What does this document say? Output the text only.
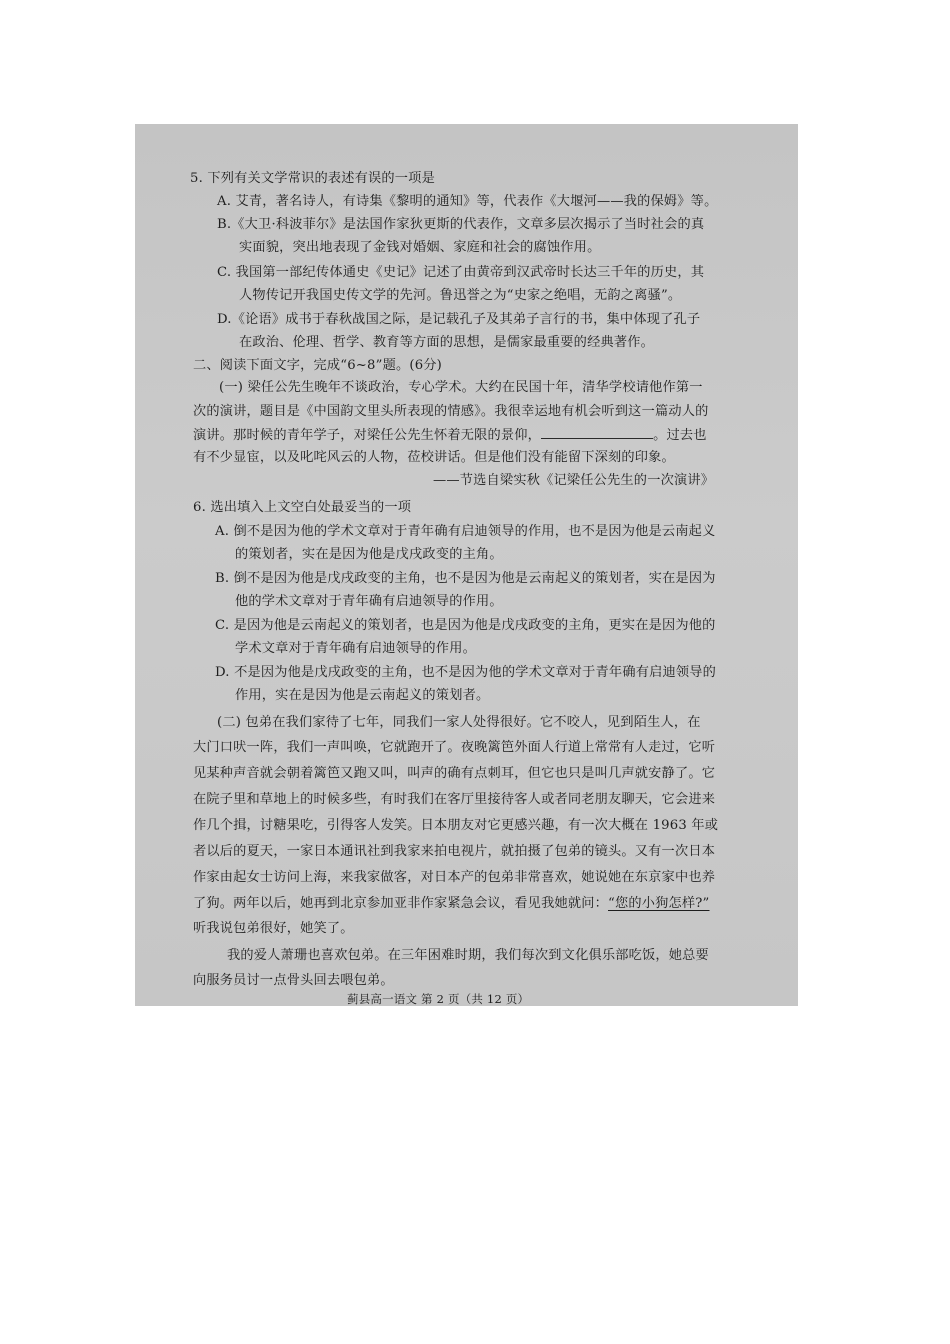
5. 下列有关文学常识的表述有误的一项是
A. 艾青，著名诗人，有诗集《黎明的通知》等，代表作《大堰河——我的保姆》等。
B.《大卫·科波菲尔》是法国作家狄更斯的代表作，文章多层次揭示了当时社会的真
实面貌，突出地表现了金钱对婚姻、家庭和社会的腐蚀作用。
C. 我国第一部纪传体通史《史记》记述了由黄帝到汉武帝时长达三千年的历史，其
人物传记开我国史传文学的先河。鲁迅誉之为“史家之绝唱，无韵之离骚”。
D.《论语》成书于春秋战国之际，是记载孔子及其弟子言行的书，集中体现了孔子
在政治、伦理、哲学、教育等方面的思想，是儒家最重要的经典著作。
二、阅读下面文字，完成“6~8”题。(6分)
(一) 梁任公先生晚年不谈政治，专心学术。大约在民国十年，清华学校请他作第一
次的演讲，题目是《中国韵文里头所表现的情感》。我很幸运地有机会听到这一篇动人的
演讲。那时候的青年学子，对梁任公先生怀着无限的景仰，	。过去也
有不少显宦，以及叱咤风云的人物，莅校讲话。但是他们没有能留下深刻的印象。
——节选自梁实秋《记梁任公先生的一次演讲》
6. 选出填入上文空白处最妥当的一项
A. 倒不是因为他的学术文章对于青年确有启迪领导的作用，也不是因为他是云南起义
的策划者，实在是因为他是戊戌政变的主角。
B. 倒不是因为他是戊戌政变的主角，也不是因为他是云南起义的策划者，实在是因为
他的学术文章对于青年确有启迪领导的作用。
C. 是因为他是云南起义的策划者，也是因为他是戊戌政变的主角，更实在是因为他的
学术文章对于青年确有启迪领导的作用。
D. 不是因为他是戊戌政变的主角，也不是因为他的学术文章对于青年确有启迪领导的
作用，实在是因为他是云南起义的策划者。
(二) 包弟在我们家待了七年，同我们一家人处得很好。它不咬人，见到陌生人，在
大门口吠一阵，我们一声叫唤，它就跑开了。夜晚篱笆外面人行道上常常有人走过，它听
见某种声音就会朝着篱笆又跑又叫，叫声的确有点刺耳，但它也只是叫几声就安静了。它
在院子里和草地上的时候多些，有时我们在客厅里接待客人或者同老朋友聊天，它会进来
作几个揖，讨糖果吃，引得客人发笑。日本朋友对它更感兴趣，有一次大概在 1963 年或
者以后的夏天，一家日本通讯社到我家来拍电视片，就拍摄了包弟的镜头。又有一次日本
作家由起女士访问上海，来我家做客，对日本产的包弟非常喜欢，她说她在东京家中也养
了狗。两年以后，她再到北京参加亚非作家紧急会议，看见我她就问：“您的小狗怎样?”
听我说包弟很好，她笑了。
我的爱人萧珊也喜欢包弟。在三年困难时期，我们每次到文化俱乐部吃饭，她总要
向服务员讨一点骨头回去喂包弟。
蓟县高一语文 第 2 页（共 12 页）
